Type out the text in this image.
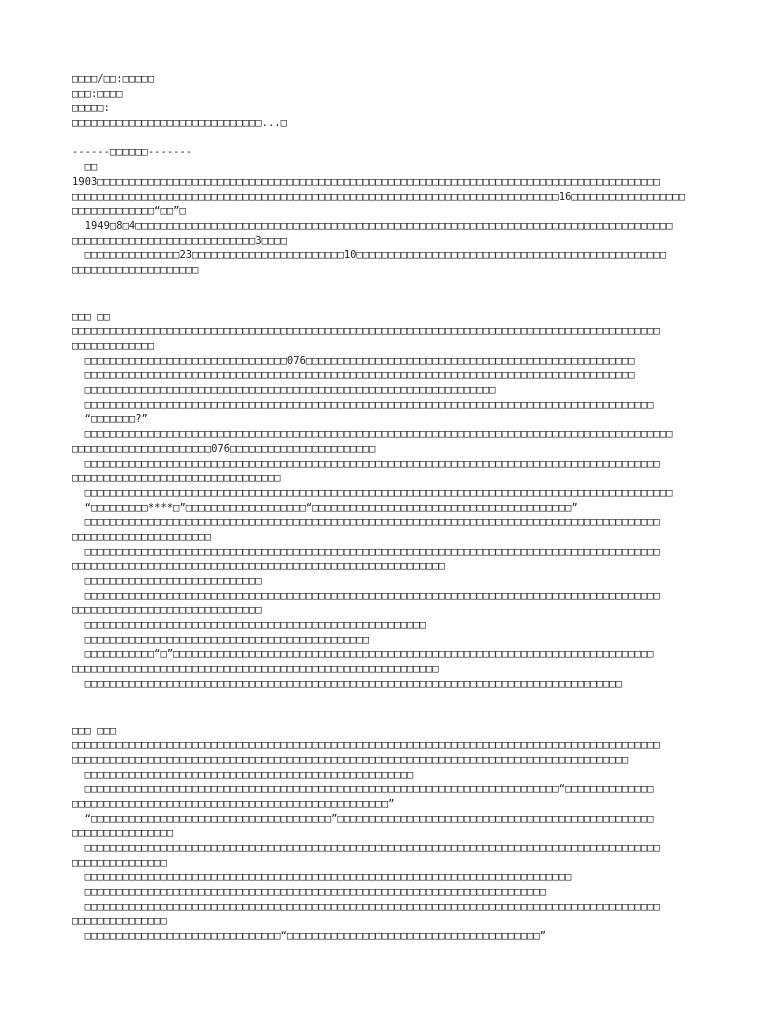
□□□□/□□:□□□□□
□□□:□□□□
□□□□□:
□□□□□□□□□□□□□□□□□□□□□□□□□□□□□□...□
------□□□□□□-------
□□
1903□□□□□□□□□□□□□□□□□□□□□□□□□□□□□□□□□□□□□□□□□□□□□□□□□□□□□□□□□□□□□□□□□□□□□□□□□□□□□□□□□□□□□□□□□
□□□□□□□□□□□□□□□□□□□□□□□□□□□□□□□□□□□□□□□□□□□□□□□□□□□□□□□□□□□□□□□□□□□□□□□□□□□□□16□□□□□□□□□□□□□□□□□□
□□□□□□□□□□□□□“□□”□
1949□8□4□□□□□□□□□□□□□□□□□□□□□□□□□□□□□□□□□□□□□□□□□□□□□□□□□□□□□□□□□□□□□□□□□□□□□□□□□□□□□□□□□□□□□
□□□□□□□□□□□□□□□□□□□□□□□□□□□□□3□□□□
□□□□□□□□□□□□□□□23□□□□□□□□□□□□□□□□□□□□□□□□10□□□□□□□□□□□□□□□□□□□□□□□□□□□□□□□□□□□□□□□□□□□□□□□□□
□□□□□□□□□□□□□□□□□□□□
□□□ □□
□□□□□□□□□□□□□□□□□□□□□□□□□□□□□□□□□□□□□□□□□□□□□□□□□□□□□□□□□□□□□□□□□□□□□□□□□□□□□□□□□□□□□□□□□□□□□
□□□□□□□□□□□□□
□□□□□□□□□□□□□□□□□□□□□□□□□□□□□□□□076□□□□□□□□□□□□□□□□□□□□□□□□□□□□□□□□□□□□□□□□□□□□□□□□□□□□
□□□□□□□□□□□□□□□□□□□□□□□□□□□□□□□□□□□□□□□□□□□□□□□□□□□□□□□□□□□□□□□□□□□□□□□□□□□□□□□□□□□□□□□
□□□□□□□□□□□□□□□□□□□□□□□□□□□□□□□□□□□□□□□□□□□□□□□□□□□□□□□□□□□□□□□□□
□□□□□□□□□□□□□□□□□□□□□□□□□□□□□□□□□□□□□□□□□□□□□□□□□□□□□□□□□□□□□□□□□□□□□□□□□□□□□□□□□□□□□□□□□□
“□□□□□□□?”
□□□□□□□□□□□□□□□□□□□□□□□□□□□□□□□□□□□□□□□□□□□□□□□□□□□□□□□□□□□□□□□□□□□□□□□□□□□□□□□□□□□□□□□□□□□□□
□□□□□□□□□□□□□□□□□□□□□□076□□□□□□□□□□□□□□□□□□□□□□□
□□□□□□□□□□□□□□□□□□□□□□□□□□□□□□□□□□□□□□□□□□□□□□□□□□□□□□□□□□□□□□□□□□□□□□□□□□□□□□□□□□□□□□□□□□□
□□□□□□□□□□□□□□□□□□□□□□□□□□□□□□□□□
□□□□□□□□□□□□□□□□□□□□□□□□□□□□□□□□□□□□□□□□□□□□□□□□□□□□□□□□□□□□□□□□□□□□□□□□□□□□□□□□□□□□□□□□□□□□□
“□□□□□□□□□****□”□□□□□□□□□□□□□□□□□□□“□□□□□□□□□□□□□□□□□□□□□□□□□□□□□□□□□□□□□□□□□”
□□□□□□□□□□□□□□□□□□□□□□□□□□□□□□□□□□□□□□□□□□□□□□□□□□□□□□□□□□□□□□□□□□□□□□□□□□□□□□□□□□□□□□□□□□□
□□□□□□□□□□□□□□□□□□□□□□
□□□□□□□□□□□□□□□□□□□□□□□□□□□□□□□□□□□□□□□□□□□□□□□□□□□□□□□□□□□□□□□□□□□□□□□□□□□□□□□□□□□□□□□□□□□
□□□□□□□□□□□□□□□□□□□□□□□□□□□□□□□□□□□□□□□□□□□□□□□□□□□□□□□□□□□
□□□□□□□□□□□□□□□□□□□□□□□□□□□□
□□□□□□□□□□□□□□□□□□□□□□□□□□□□□□□□□□□□□□□□□□□□□□□□□□□□□□□□□□□□□□□□□□□□□□□□□□□□□□□□□□□□□□□□□□□
□□□□□□□□□□□□□□□□□□□□□□□□□□□□□□
□□□□□□□□□□□□□□□□□□□□□□□□□□□□□□□□□□□□□□□□□□□□□□□□□□□□□□
□□□□□□□□□□□□□□□□□□□□□□□□□□□□□□□□□□□□□□□□□□□□□
□□□□□□□□□□□“□”□□□□□□□□□□□□□□□□□□□□□□□□□□□□□□□□□□□□□□□□□□□□□□□□□□□□□□□□□□□□□□□□□□□□□□□□□□□□
□□□□□□□□□□□□□□□□□□□□□□□□□□□□□□□□□□□□□□□□□□□□□□□□□□□□□□□□□□
□□□□□□□□□□□□□□□□□□□□□□□□□□□□□□□□□□□□□□□□□□□□□□□□□□□□□□□□□□□□□□□□□□□□□□□□□□□□□□□□□□□□□
□□□ □□□
□□□□□□□□□□□□□□□□□□□□□□□□□□□□□□□□□□□□□□□□□□□□□□□□□□□□□□□□□□□□□□□□□□□□□□□□□□□□□□□□□□□□□□□□□□□□□
□□□□□□□□□□□□□□□□□□□□□□□□□□□□□□□□□□□□□□□□□□□□□□□□□□□□□□□□□□□□□□□□□□□□□□□□□□□□□□□□□□□□□□□□
□□□□□□□□□□□□□□□□□□□□□□□□□□□□□□□□□□□□□□□□□□□□□□□□□□□□
□□□□□□□□□□□□□□□□□□□□□□□□□□□□□□□□□□□□□□□□□□□□□□□□□□□□□□□□□□□□□□□□□□□□□□□□□□□“□□□□□□□□□□□□□□
□□□□□□□□□□□□□□□□□□□□□□□□□□□□□□□□□□□□□□□□□□□□□□□□□□”
“□□□□□□□□□□□□□□□□□□□□□□□□□□□□□□□□□□□□□□”□□□□□□□□□□□□□□□□□□□□□□□□□□□□□□□□□□□□□□□□□□□□□□□□□□
□□□□□□□□□□□□□□□□
□□□□□□□□□□□□□□□□□□□□□□□□□□□□□□□□□□□□□□□□□□□□□□□□□□□□□□□□□□□□□□□□□□□□□□□□□□□□□□□□□□□□□□□□□□□
□□□□□□□□□□□□□□□
□□□□□□□□□□□□□□□□□□□□□□□□□□□□□□□□□□□□□□□□□□□□□□□□□□□□□□□□□□□□□□□□□□□□□□□□□□□□□
□□□□□□□□□□□□□□□□□□□□□□□□□□□□□□□□□□□□□□□□□□□□□□□□□□□□□□□□□□□□□□□□□□□□□□□□□
□□□□□□□□□□□□□□□□□□□□□□□□□□□□□□□□□□□□□□□□□□□□□□□□□□□□□□□□□□□□□□□□□□□□□□□□□□□□□□□□□□□□□□□□□□□
□□□□□□□□□□□□□□□
□□□□□□□□□□□□□□□□□□□□□□□□□□□□□□□“□□□□□□□□□□□□□□□□□□□□□□□□□□□□□□□□□□□□□□□□”
